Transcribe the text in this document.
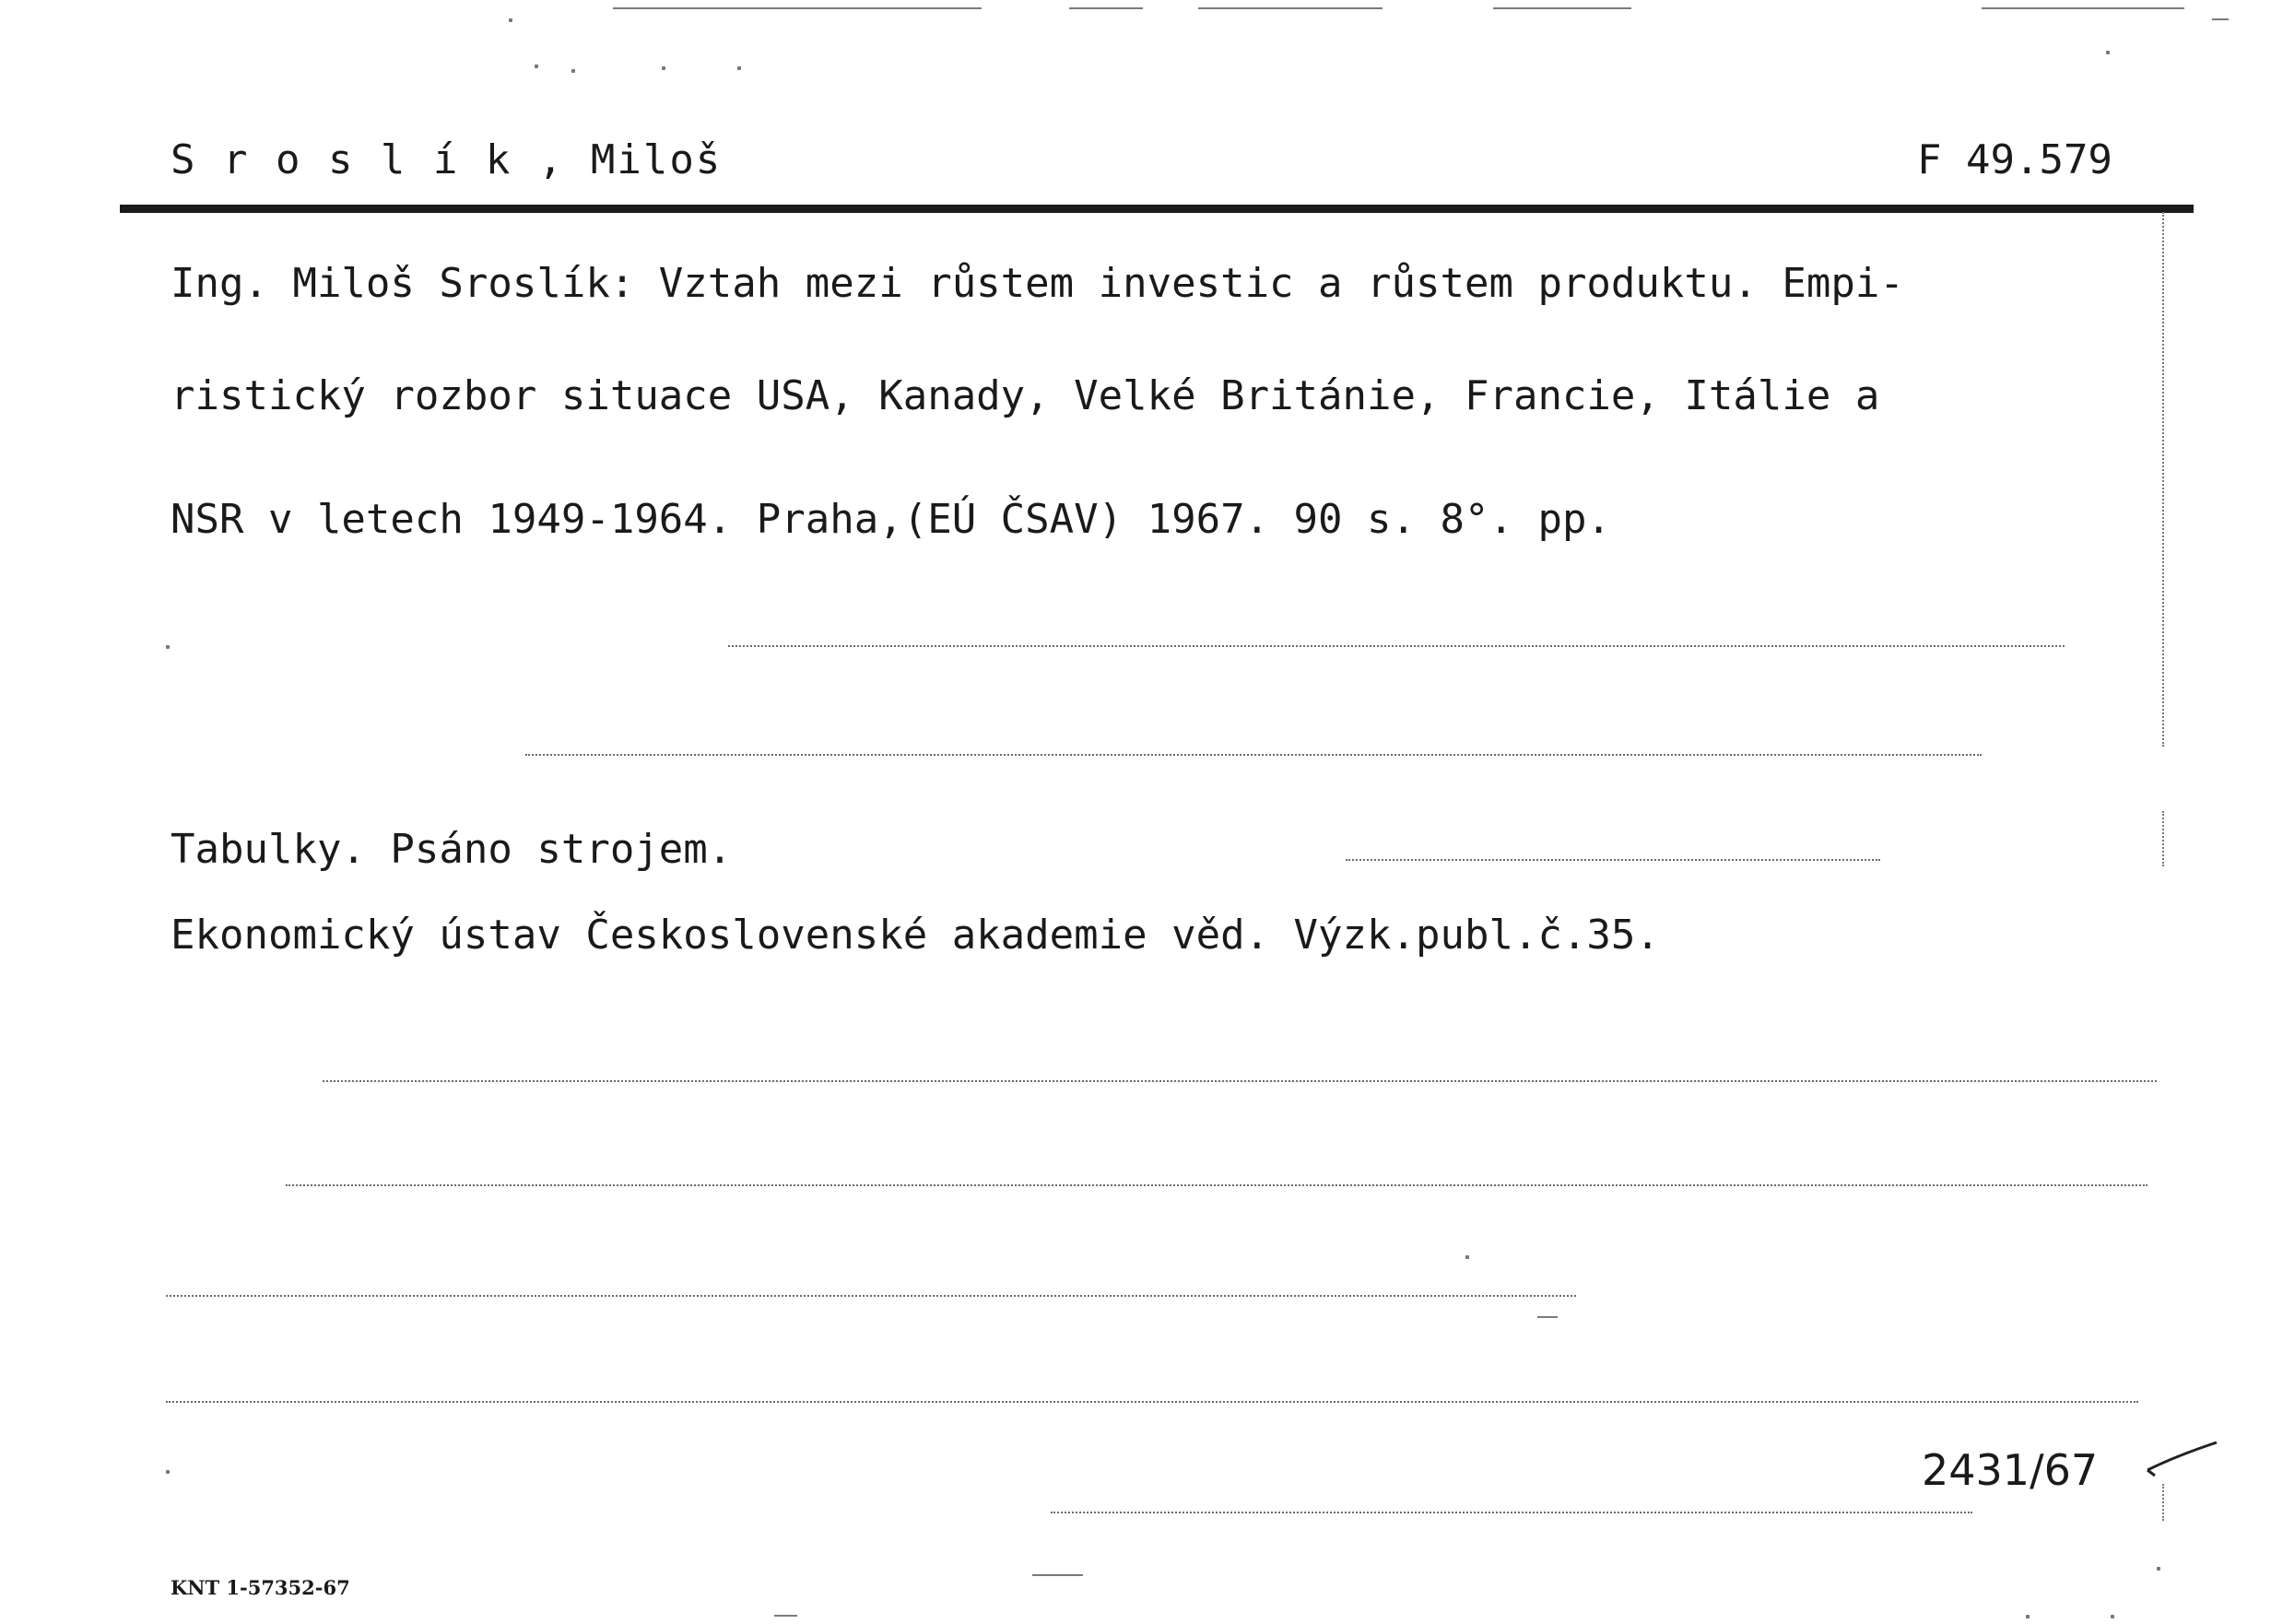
S r o s l í k , Miloš	F 49.579
Ing. Miloš Sroslík: Vztah mezi růstem investic a růstem produktu. Empi-
ristický rozbor situace USA, Kanady, Velké Británie, Francie, Itálie a
NSR v letech 1949-1964. Praha,(EÚ ČSAV) 1967. 90 s. 8°. pp.
Tabulky. Psáno strojem.
Ekonomický ústav Československé akademie věd. Výzk.publ.č.35.
2431/67
KNT 1-57352-67
